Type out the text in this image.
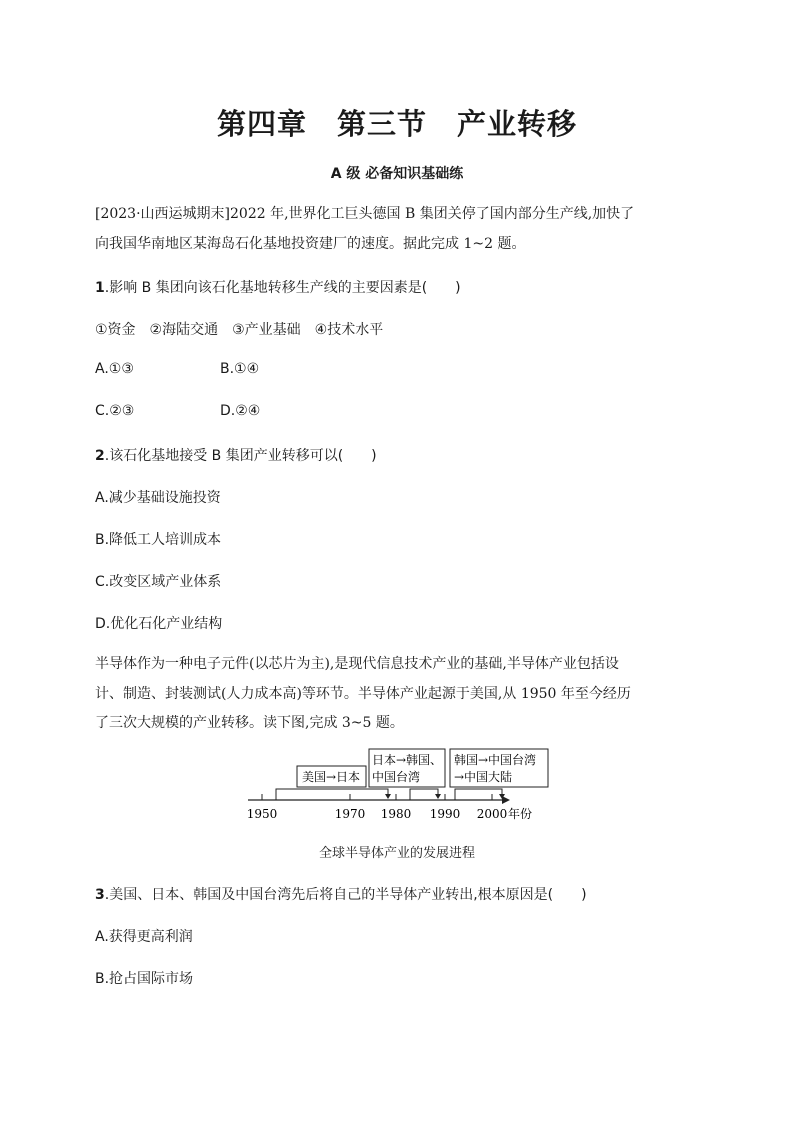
第四章　第三节　产业转移
A 级 必备知识基础练
[2023·山西运城期末]2022 年,世界化工巨头德国 B 集团关停了国内部分生产线,加快了
向我国华南地区某海岛石化基地投资建厂的速度。据此完成 1~2 题。
1.影响 B 集团向该石化基地转移生产线的主要因素是(　　)
①资金　②海陆交通　③产业基础　④技术水平
A.①③	B.①④
C.②③	D.②④
2.该石化基地接受 B 集团产业转移可以(　　)
A.减少基础设施投资
B.降低工人培训成本
C.改变区域产业体系
D.优化石化产业结构
半导体作为一种电子元件(以芯片为主),是现代信息技术产业的基础,半导体产业包括设
计、制造、封装测试(人力成本高)等环节。半导体产业起源于美国,从 1950 年至今经历
了三次大规模的产业转移。读下图,完成 3~5 题。
1950	1970 1980 1990 2000 年份
美国→日本
日本→韩国、
中国台湾
韩国→中国台湾
→中国大陆
全球半导体产业的发展进程
3.美国、日本、韩国及中国台湾先后将自己的半导体产业转出,根本原因是(　　)
A.获得更高利润
B.抢占国际市场
